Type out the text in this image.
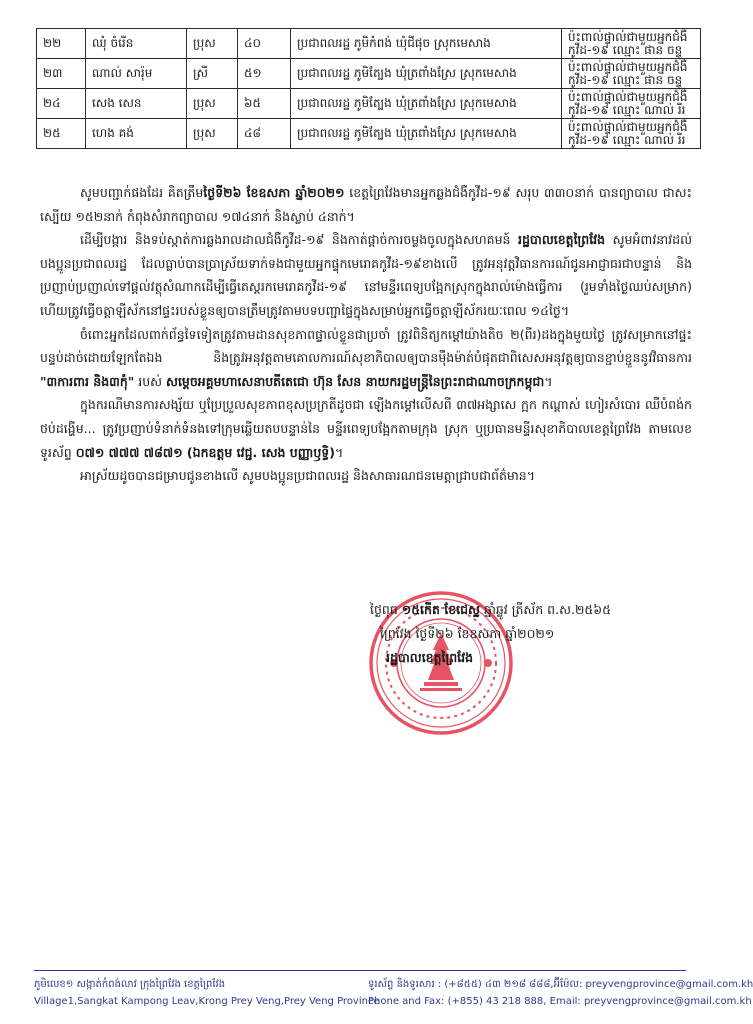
២២	ឈុំ ចំរើន	ប្រុស	៤០	ប្រជាពលរដ្ឋ ភូមិកំពង់ ឃុំជីផុច ស្រុកមេសាង	ប៉ះពាល់ផ្ទាល់ជាមួយអ្នកជំងឺ
កូវីដ-១៩ ឈ្មោះ ផាន ចន្ទូ

២៣	ណាល់ សារ៉ុម	ស្រី	៥១	ប្រជាពលរដ្ឋ ភូមិត្បែង ឃុំត្រពាំងស្រែ ស្រុកមេសាង	ប៉ះពាល់ផ្ទាល់ជាមួយអ្នកជំងឺ
កូវីដ-១៩ ឈ្មោះ ផាន ចន្ទូ

២៤	សេង សេន	ប្រុស	៦៥	ប្រជាពលរដ្ឋ ភូមិត្បែង ឃុំត្រពាំងស្រែ ស្រុកមេសាង	ប៉ះពាល់ផ្ទាល់ជាមួយអ្នកជំងឺ
កូវីដ-១៩ ឈ្មោះ ណាល់ រីរ

២៥	ហេង គង់	ប្រុស	៤៨	ប្រជាពលរដ្ឋ ភូមិត្បែង ឃុំត្រពាំងស្រែ ស្រុកមេសាង	ប៉ះពាល់ផ្ទាល់ជាមួយអ្នកជំងឺ
កូវីដ-១៩ ឈ្មោះ ណាល់ រីរ

សូមបញ្ជាក់ផងដែរ គិតត្រឹមថ្ងៃទី២៦ ខែឧសភា ឆ្នាំ២០២១ ខេត្តព្រៃវែងមានអ្នកឆ្លងជំងឺកូវីដ-១៩ សរុប ៣៣០នាក់ បានព្យាបាល ជាសះស្បើយ ១៥២នាក់ កំពុងសំរាកព្យាបាល ១៧៤នាក់ និងស្លាប់ ៤នាក់។

ដើម្បីបង្ការ និងទប់ស្កាត់ការឆ្លងរាលដាលជំងឺកូវីដ-១៩ និងកាត់ផ្តាច់ការចម្លងចូលក្នុងសហគមន៍ រដ្ឋបាលខេត្តព្រៃវែង សូមអំពាវនាវដល់ បងប្អូនប្រជាពលរដ្ឋ ដែលធ្លាប់បានប្រាស្រ័យទាក់ទងជាមួយអ្នកផ្ទុកមេរោគកូវីដ-១៩ខាងលើ ត្រូវអនុវត្តវិធានការណ៍ជូនអាជ្ញាធរជាបន្ទាន់ និងប្រញាប់ប្រញាល់ទៅផ្តល់វត្ថុសំណាកដើម្បីធ្វើតេស្តរកមេរោគកូវីដ-១៩ នៅមន្ទីរពេទ្យបង្អែកស្រុកក្នុងរាល់ម៉ោងធ្វើការ (រួមទាំងថ្ងៃឈប់សម្រាក) ហើយត្រូវធ្វើចត្តាឡីស័កនៅផ្ទះរបស់ខ្លួនឲ្យបានត្រឹមត្រូវតាមបទបញ្ជាផ្ទៃក្នុងសម្រាប់អ្នកធ្វើចត្តាឡីស័ករយៈពេល ១៤ថ្ងៃ។

ចំពោះអ្នកដែលពាក់ព័ន្ធទៃទៀតត្រូវតាមដានសុខភាពផ្ទាល់ខ្លួនជាប្រចាំ ត្រូវពិនិត្យកម្តៅយ៉ាងតិច ២(ពីរ)ដងក្នុងមួយថ្ងៃ ត្រូវសម្រាកនៅផ្ទះបន្ទប់ដាច់ដោយឡែកតែឯង និងត្រូវអនុវត្តតាមគោលការណ៍សុខាភិបាលឲ្យបានម៉ឺងម៉ាត់បំផុតជាពិសេសអនុវត្តឲ្យបានខ្ជាប់ខ្ជួននូវវិធានការ "៣ការពារ និង៣កុំ" របស់ សម្តេចអគ្គមហាសេនាបតីតេជោ ហ៊ុន សែន នាយករដ្ឋមន្ត្រីនៃព្រះរាជាណាចក្រកម្ពុជា។

ក្នុងករណីមានការសង្ស័យ ឬប្រែប្រួលសុខភាពខុសប្រក្រតីដូចជា ឡើងកម្តៅលើសពី ៣៧អង្សាសេ ក្អក កណ្តាស់ ហៀរសំបោរ ឈឺបំពង់ក ថប់ដង្ហើម... ត្រូវប្រញាប់ទំនាក់ទំនងទៅក្រុមឆ្លើយតបបន្ទាន់នៃ មន្ទីរពេទ្យបង្អែកតាមក្រុង ស្រុក ឬប្រធានមន្ទីរសុខាភិបាលខេត្តព្រៃវែង តាមលេខទូរស័ព្ទ ០៧១ ៧៧៧ ៧៨៧១ (ឯកឧត្តម វេជ្ជ. សេង បញ្ញាឫទ្ធិ)។

អាស្រ័យដូចបានជម្រាបជូនខាងលើ សូមបងប្អូនប្រជាពលរដ្ឋ និងសាធារណជនមេត្តាជ្រាបជាព័ត៌មាន។

ថ្ងៃពុធ ១៥កើត ខែជេស្ឋ ឆ្នាំឆ្លូវ ត្រីស័ក ព.ស.២៥៦៥
ព្រៃវែង ថ្ងៃទី២៦ ខែឧសភា ឆ្នាំ២០២១
រដ្ឋបាលខេត្តព្រៃវែង
ភូមិលេខ១ សង្កាត់កំពង់លាវ ក្រុងព្រៃវែង ខេត្តព្រៃវែង
Village1,Sangkat Kampong Leav,Krong Prey Veng,Prey Veng Province
ទូរស័ព្ទ និងទូរសារ : (+៨៥៥) ៤៣ ២១៨ ៨៨៨,អ៊ីម៉ែល: preyvengprovince@gmail.com.kh
Phone and Fax: (+855) 43 218 888, Email: preyvengprovince@gmail.com.kh
